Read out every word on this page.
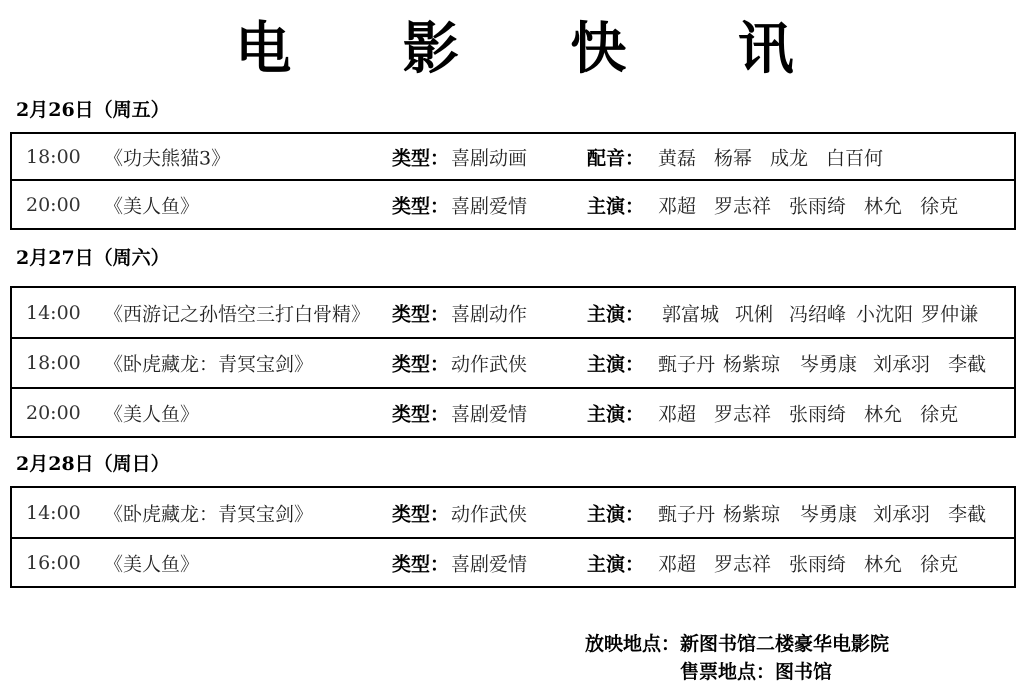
电 影 快 讯
2月26日（周五）
18:00 《功夫熊猫3》	类型： 喜剧动画	配音： 黄磊 杨幂 成龙 白百何
20:00 《美人鱼》	类型： 喜剧爱情	主演： 邓超 罗志祥 张雨绮 林允 徐克
2月27日（周六）
14:00 《西游记之孙悟空三打白骨精》 类型： 喜剧动作	主演： 郭富城 巩俐 冯绍峰 小沈阳 罗仲谦
18:00 《卧虎藏龙：青冥宝剑》	类型： 动作武侠	主演： 甄子丹 杨紫琼 岑勇康 刘承羽 李截
20:00 《美人鱼》	类型： 喜剧爱情	主演： 邓超 罗志祥 张雨绮 林允 徐克
2月28日（周日）
14:00 《卧虎藏龙：青冥宝剑》	类型： 动作武侠	主演： 甄子丹 杨紫琼 岑勇康 刘承羽 李截
16:00 《美人鱼》	类型： 喜剧爱情	主演： 邓超 罗志祥 张雨绮 林允 徐克
放映地点：新图书馆二楼豪华电影院
售票地点：图书馆
